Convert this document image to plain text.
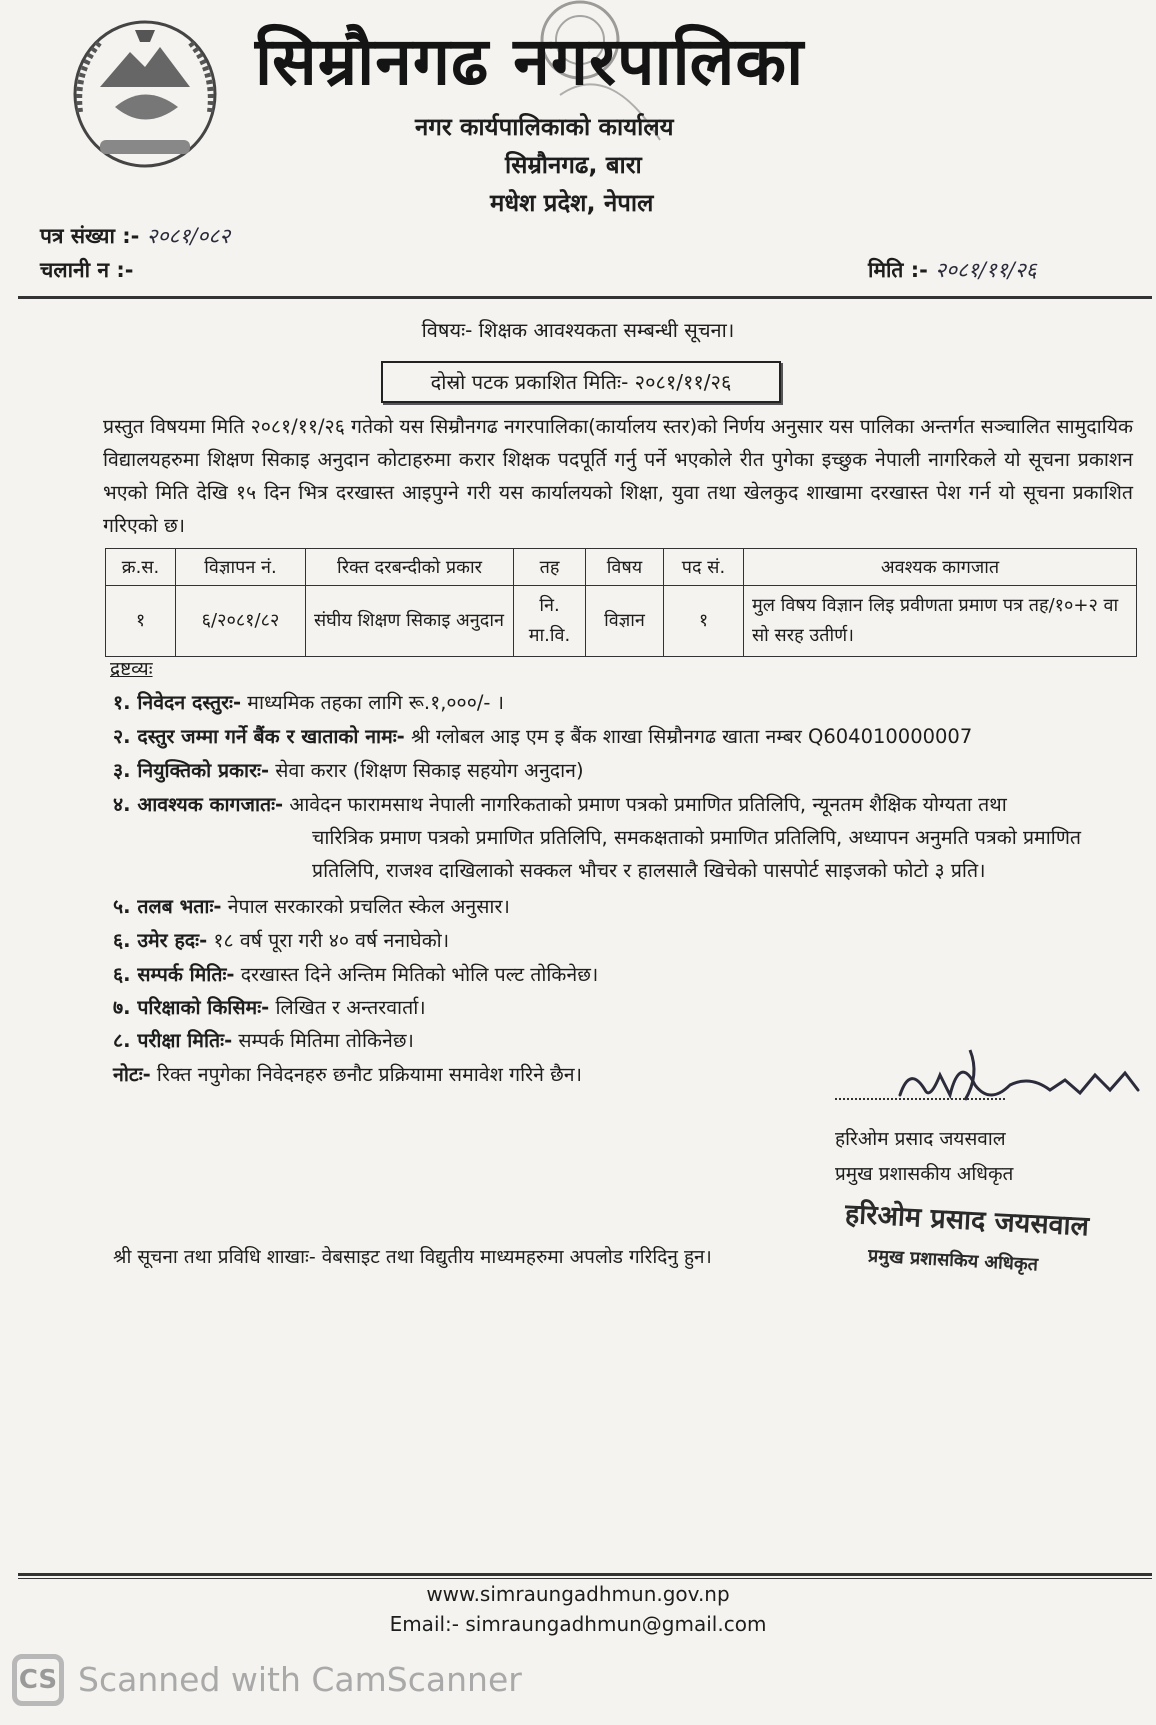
सिम्रौनगढ नगरपालिका
नगर कार्यपालिकाको कार्यालय
सिम्रौनगढ, बारा
मधेश प्रदेश, नेपाल
पत्र संख्या :- २०८१/०८२
चलानी न :-	मिति :- २०८१/११/२६
विषयः- शिक्षक आवश्यकता सम्बन्धी सूचना।
दोस्रो पटक प्रकाशित मितिः- २०८१/११/२६
प्रस्तुत विषयमा मिति २०८१/११/२६ गतेको यस सिम्रौनगढ नगरपालिका(कार्यालय स्तर)को निर्णय अनुसार यस पालिका अन्तर्गत सञ्चालित सामुदायिक विद्यालयहरुमा शिक्षण सिकाइ अनुदान कोटाहरुमा करार शिक्षक पदपूर्ति गर्नु पर्ने भएकोले रीत पुगेका इच्छुक नेपाली नागरिकले यो सूचना प्रकाशन भएको मिति देखि १५ दिन भित्र दरखास्त आइपुग्ने गरी यस कार्यालयको शिक्षा, युवा तथा खेलकुद शाखामा दरखास्त पेश गर्न यो सूचना प्रकाशित गरिएको छ।
क्र.स.	विज्ञापन नं.	रिक्त दरबन्दीको प्रकार	तह	विषय	पद सं.	अवश्यक कागजात
१	६/२०८१/८२	संघीय शिक्षण सिकाइ अनुदान	नि. मा.वि.	विज्ञान	१	मुल विषय विज्ञान लिइ प्रवीणता प्रमाण पत्र तह/१०+२ वा सो सरह उतीर्ण।
द्रष्टव्यः
१. निवेदन दस्तुरः- माध्यमिक तहका लागि रू.१,०००/- ।
२. दस्तुर जम्मा गर्ने बैंक र खाताको नामः- श्री ग्लोबल आइ एम इ बैंक शाखा सिम्रौनगढ खाता नम्बर Q604010000007
३. नियुक्तिको प्रकारः- सेवा करार (शिक्षण सिकाइ सहयोग अनुदान)
४. आवश्यक कागजातः- आवेदन फारामसाथ नेपाली नागरिकताको प्रमाण पत्रको प्रमाणित प्रतिलिपि, न्यूनतम शैक्षिक योग्यता तथा
चारित्रिक प्रमाण पत्रको प्रमाणित प्रतिलिपि, समकक्षताको प्रमाणित प्रतिलिपि, अध्यापन अनुमति पत्रको प्रमाणित
प्रतिलिपि, राजश्व दाखिलाको सक्कल भौचर र हालसालै खिचेको पासपोर्ट साइजको फोटो ३ प्रति।
५. तलब भताः- नेपाल सरकारको प्रचलित स्केल अनुसार।
६. उमेर हदः- १८ वर्ष पूरा गरी ४० वर्ष ननाघेको।
६. सम्पर्क मितिः- दरखास्त दिने अन्तिम मितिको भोलि पल्ट तोकिनेछ।
७. परिक्षाको किसिमः- लिखित र अन्तरवार्ता।
८. परीक्षा मितिः- सम्पर्क मितिमा तोकिनेछ।
नोटः- रिक्त नपुगेका निवेदनहरु छनौट प्रक्रियामा समावेश गरिने छैन।
हरिओम प्रसाद जयसवाल
प्रमुख प्रशासकीय अधिकृत
हरिओम प्रसाद जयसवाल
प्रमुख प्रशासकिय अधिकृत
श्री सूचना तथा प्रविधि शाखाः- वेबसाइट तथा विद्युतीय माध्यमहरुमा अपलोड गरिदिनु हुन।
www.simraungadhmun.gov.np
Email:- simraungadhmun@gmail.com
CS Scanned with CamScanner
